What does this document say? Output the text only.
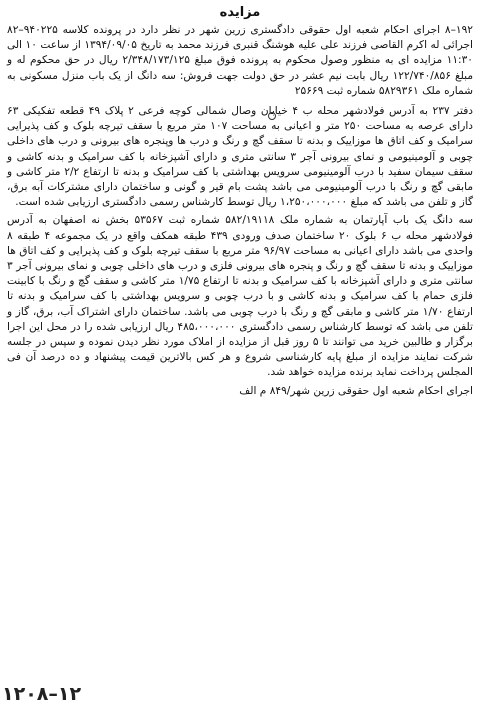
مزایده

۱۹۲–۸ اجرای احکام شعبه اول حقوقی دادگستری زرین شهر در نظر دارد در پرونده کلاسه ۹۴۰۲۲۵–۸۲ اجرائی له اکرم القاصی فرزند علی علیه هوشنگ قنبری فرزند محمد به تاریخ ۱۳۹۴/۰۹/۰۵ از ساعت ۱۰ الی ۱۱:۳۰ مزایده ای به منظور وصول محکوم به پرونده فوق مبلغ ۲/۳۴۸/۱۷۳/۱۲۵ ریال در حق محکوم له و مبلغ ۱۲۲/۷۴۰/۸۵۶ ریال بابت نیم عشر در حق دولت جهت فروش: سه دانگ از یک باب منزل مسکونی به شماره ملک ۵۸۲۹۳۶۱ شماره ثبت ۲۵۶۶۹

دفتر ۲۳۷ به آدرس فولادشهر محله ب ۴ خیابان وصال شمالی کوچه فرعی ۲ پلاک ۴۹ قطعه تفکیکی ۶۳ دارای عرصه به مساحت ۲۵۰ متر و اعیانی به مساحت ۱۰۷ متر مربع با سقف تیرچه بلوک و کف پذیرایی سرامیک و کف اتاق ها موزاییک و بدنه تا سقف گچ و رنگ و درب ها وپنجره های بیرونی و درب های داخلی چوبی و آلومینیومی و نمای بیرونی آجر ۳ سانتی متری و دارای آشپزخانه با کف سرامیک و بدنه کاشی و سقف سیمان سفید با درب آلومینیومی سرویس بهداشتی با کف سرامیک و بدنه تا ارتفاع ۲/۲ متر کاشی و مابقی گچ و رنگ با درب آلومینیومی می باشد پشت بام قیر و گونی و ساختمان دارای مشترکات آبه برق، گاز و تلفن می باشد که مبلغ ۱،۲۵۰،۰۰۰،۰۰۰ ریال توسط کارشناس رسمی دادگستری ارزیابی شده است.

سه دانگ یک باب آپارتمان به شماره ملک ۵۸۲/۱۹۱۱۸ شماره ثبت ۵۳۵۶۷ بخش نه اصفهان به آدرس فولادشهر محله ب ۶ بلوک ۲۰ ساختمان صدف ورودی ۴۳۹ طبقه همکف واقع در یک مجموعه ۴ طبقه ۸ واحدی می باشد دارای اعیانی به مساحت ۹۶/۹۷ متر مربع با سقف تیرچه بلوک و کف پذیرایی و کف اتاق ها موزاییک و بدنه تا سقف گچ و رنگ و پنجره های بیرونی فلزی و درب های داخلی چوبی و نمای بیرونی آجر ۳ سانتی متری و دارای آشپزخانه با کف سرامیک و بدنه تا ارتفاع ۱/۷۵ متر کاشی و سقف گچ و رنگ با کابینت فلزی حمام با کف سرامیک و بدنه کاشی و با درب چوبی و سرویس بهداشتی با کف سرامیک و بدنه تا ارتفاع ۱/۷۰ متر کاشی و مابقی گچ و رنگ با درب چوبی می باشد. ساختمان دارای اشتراک آب، برق، گاز و تلفن می باشد که توسط کارشناس رسمی دادگستری ۴۸۵،۰۰۰،۰۰۰ ریال ارزیابی شده را در محل این اجرا برگزار و طالبین خرید می توانند تا ۵ روز قبل از مزایده از املاک مورد نظر دیدن نموده و سپس در جلسه شرکت نمایند مزایده از مبلغ پایه کارشناسی شروع و هر کس بالاترین قیمت پیشنهاد و ده درصد آن فی المجلس پرداخت نماید برنده مزایده خواهد شد.

اجرای احکام شعبه اول حقوقی زرین شهر/۸۴۹ م الف

۱۲۰۸–۱۲
